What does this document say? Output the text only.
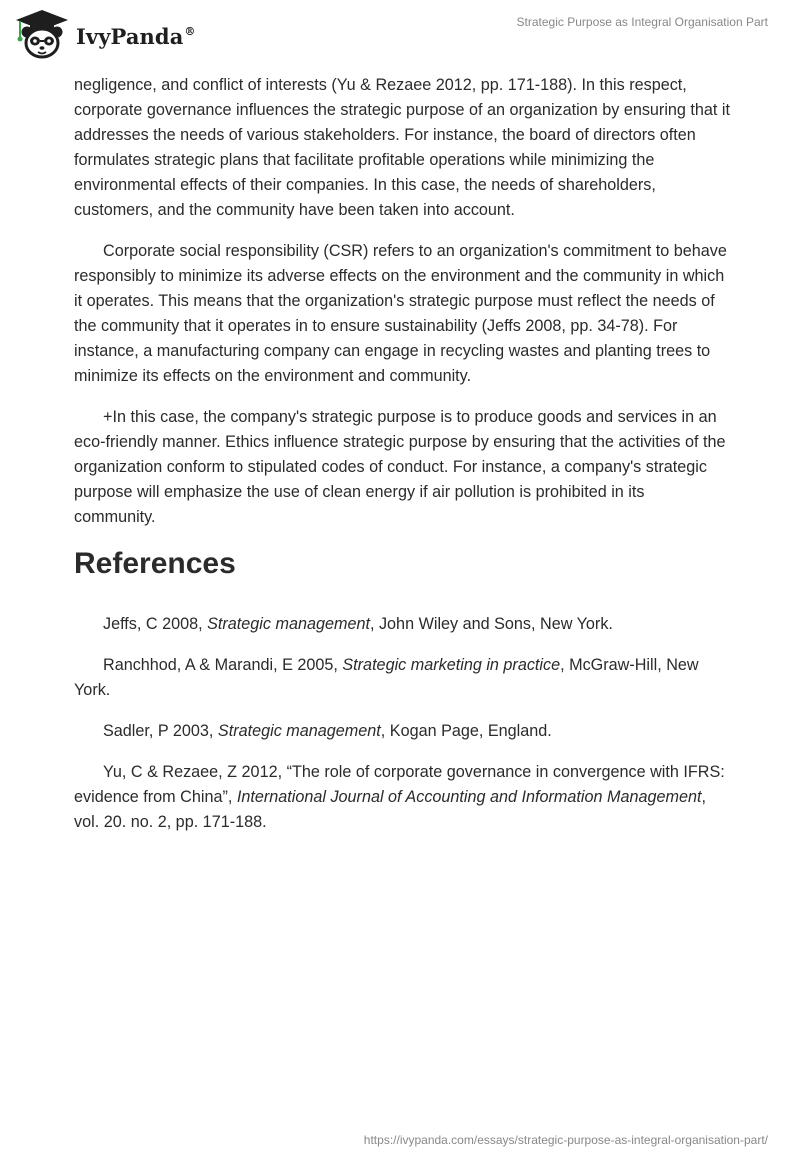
IvyPanda®
Strategic Purpose as Integral Organisation Part

negligence, and conflict of interests (Yu & Rezaee 2012, pp. 171-188). In this respect, corporate governance influences the strategic purpose of an organization by ensuring that it addresses the needs of various stakeholders. For instance, the board of directors often formulates strategic plans that facilitate profitable operations while minimizing the environmental effects of their companies. In this case, the needs of shareholders, customers, and the community have been taken into account.

Corporate social responsibility (CSR) refers to an organization's commitment to behave responsibly to minimize its adverse effects on the environment and the community in which it operates. This means that the organization's strategic purpose must reflect the needs of the community that it operates in to ensure sustainability (Jeffs 2008, pp. 34-78). For instance, a manufacturing company can engage in recycling wastes and planting trees to minimize its effects on the environment and community.

+In this case, the company's strategic purpose is to produce goods and services in an eco-friendly manner. Ethics influence strategic purpose by ensuring that the activities of the organization conform to stipulated codes of conduct. For instance, a company's strategic purpose will emphasize the use of clean energy if air pollution is prohibited in its community.

References

Jeffs, C 2008, Strategic management, John Wiley and Sons, New York.

Ranchhod, A & Marandi, E 2005, Strategic marketing in practice, McGraw-Hill, New York.

Sadler, P 2003, Strategic management, Kogan Page, England.

Yu, C & Rezaee, Z 2012, “The role of corporate governance in convergence with IFRS: evidence from China”, International Journal of Accounting and Information Management, vol. 20. no. 2, pp. 171-188.

https://ivypanda.com/essays/strategic-purpose-as-integral-organisation-part/
